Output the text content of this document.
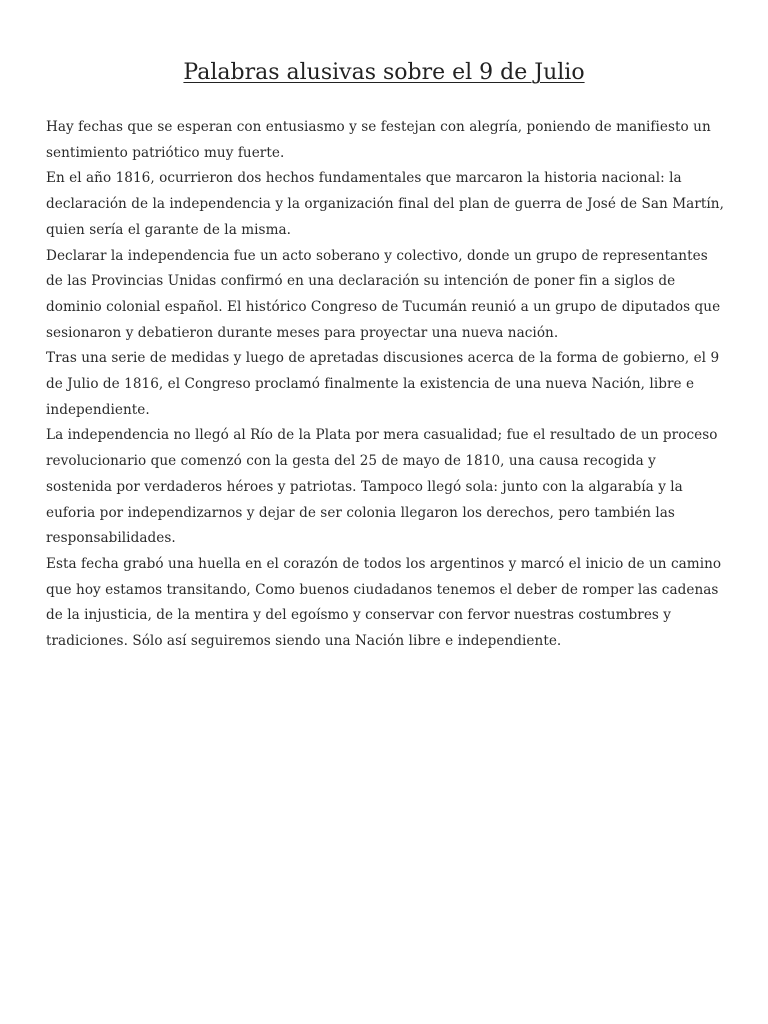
Palabras alusivas sobre el 9 de Julio

Hay fechas que se esperan con entusiasmo y se festejan con alegría, poniendo de manifiesto un sentimiento patriótico muy fuerte.

En el año 1816, ocurrieron dos hechos fundamentales que marcaron la historia nacional: la declaración de la independencia y la organización final del plan de guerra de José de San Martín, quien sería el garante de la misma.

Declarar la independencia fue un acto soberano y colectivo, donde un grupo de representantes de las Provincias Unidas confirmó en una declaración su intención de poner fin a siglos de dominio colonial español. El histórico Congreso de Tucumán reunió a un grupo de diputados que sesionaron y debatieron durante meses para proyectar una nueva nación.

Tras una serie de medidas y luego de apretadas discusiones acerca de la forma de gobierno, el 9 de Julio de 1816, el Congreso proclamó finalmente la existencia de una nueva Nación, libre e independiente.

La independencia no llegó al Río de la Plata por mera casualidad; fue el resultado de un proceso revolucionario que comenzó con la gesta del 25 de mayo de 1810, una causa recogida y sostenida por verdaderos héroes y patriotas. Tampoco llegó sola: junto con la algarabía y la euforia por independizarnos y dejar de ser colonia llegaron los derechos, pero también las responsabilidades.

Esta fecha grabó una huella en el corazón de todos los argentinos y marcó el inicio de un camino que hoy estamos transitando, Como buenos ciudadanos tenemos el deber de romper las cadenas de la injusticia, de la mentira y del egoísmo y conservar con fervor nuestras costumbres y tradiciones. Sólo así seguiremos siendo una Nación libre e independiente.
